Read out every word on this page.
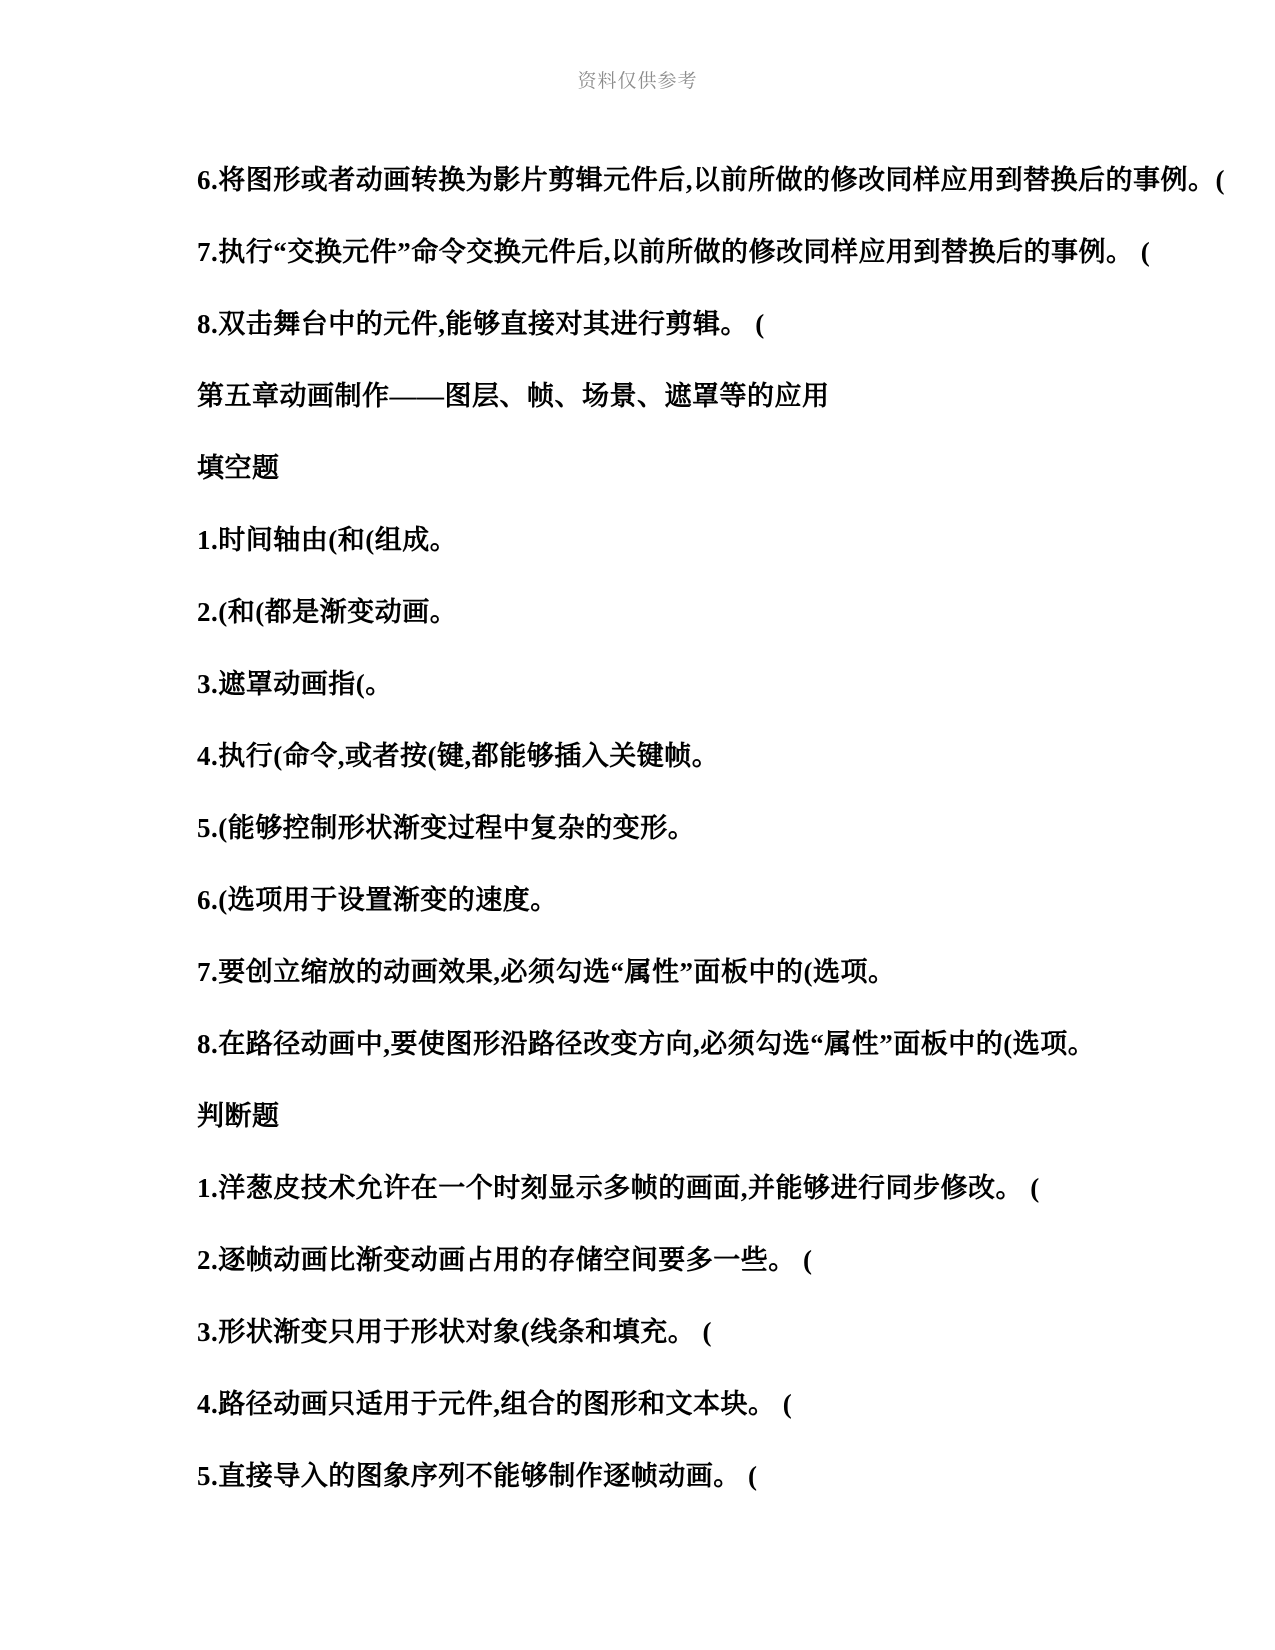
资料仅供参考

6.将图形或者动画转换为影片剪辑元件后,以前所做的修改同样应用到替换后的事例。(

7.执行“交换元件”命令交换元件后,以前所做的修改同样应用到替换后的事例。 (

8.双击舞台中的元件,能够直接对其进行剪辑。 (

第五章动画制作——图层、帧、场景、遮罩等的应用

填空题

1.时间轴由(和(组成。

2.(和(都是渐变动画。

3.遮罩动画指(。

4.执行(命令,或者按(键,都能够插入关键帧。

5.(能够控制形状渐变过程中复杂的变形。

6.(选项用于设置渐变的速度。

7.要创立缩放的动画效果,必须勾选“属性”面板中的(选项。

8.在路径动画中,要使图形沿路径改变方向,必须勾选“属性”面板中的(选项。

判断题

1.洋葱皮技术允许在一个时刻显示多帧的画面,并能够进行同步修改。 (

2.逐帧动画比渐变动画占用的存储空间要多一些。 (

3.形状渐变只用于形状对象(线条和填充。 (

4.路径动画只适用于元件,组合的图形和文本块。 (

5.直接导入的图象序列不能够制作逐帧动画。 (
